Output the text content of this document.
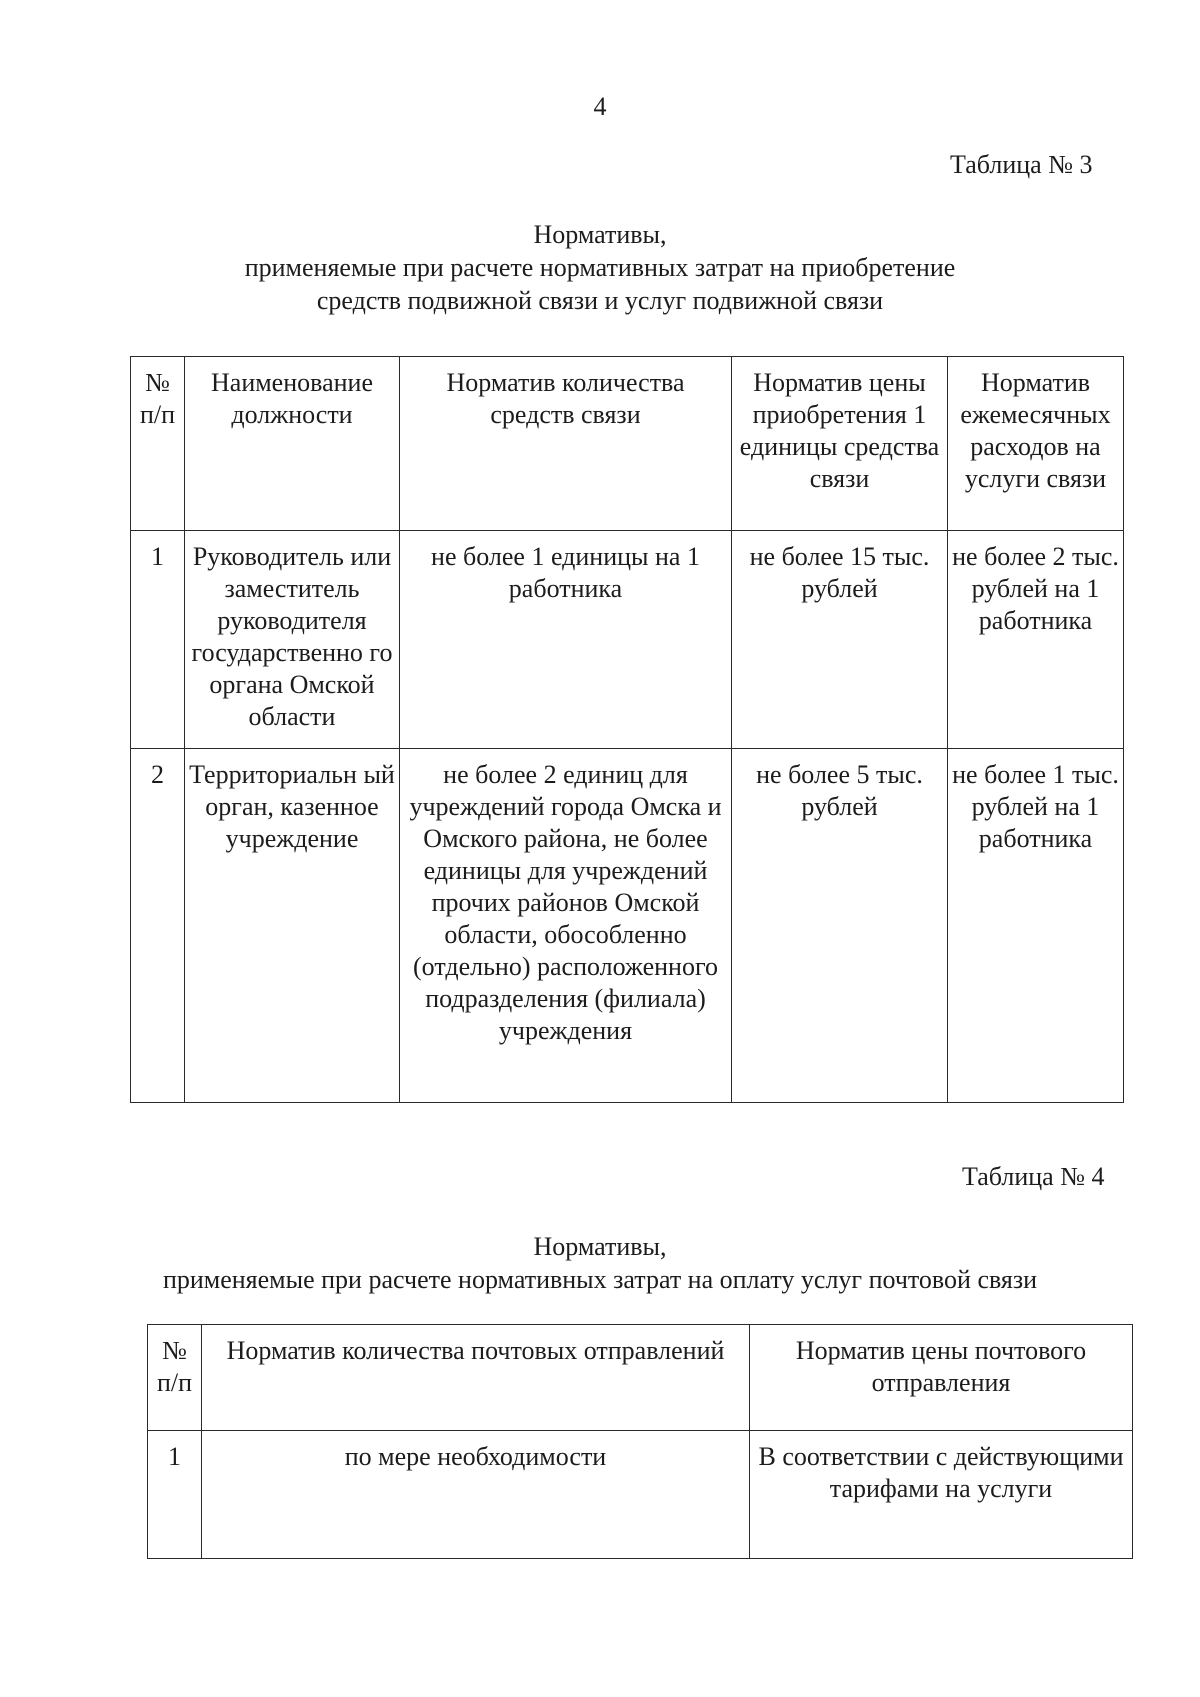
4
Таблица № 3
Нормативы,
применяемые при расчете нормативных затрат на приобретение
средств подвижной связи и услуг подвижной связи
№ п/п	Наименование должности	Норматив количества средств связи	Норматив цены приобретения 1 единицы средства связи	Норматив ежемесячных расходов на услуги связи
1	Руководитель или заместитель руководителя государственно го органа Омской области	не более 1 единицы на 1 работника	не более 15 тыс. рублей	не более 2 тыс. рублей на 1 работника
2	Территориальн ый орган, казенное учреждение	не более 2 единиц для учреждений города Омска и Омского района, не более единицы для учреждений прочих районов Омской области, обособленно (отдельно) расположенного подразделения (филиала) учреждения	не более 5 тыс. рублей	не более 1 тыс. рублей на 1 работника
Таблица № 4
Нормативы,
применяемые при расчете нормативных затрат на оплату услуг почтовой связи
№ п/п	Норматив количества почтовых отправлений	Норматив цены почтового отправления
1	по мере необходимости	В соответствии с действующими тарифами на услуги
